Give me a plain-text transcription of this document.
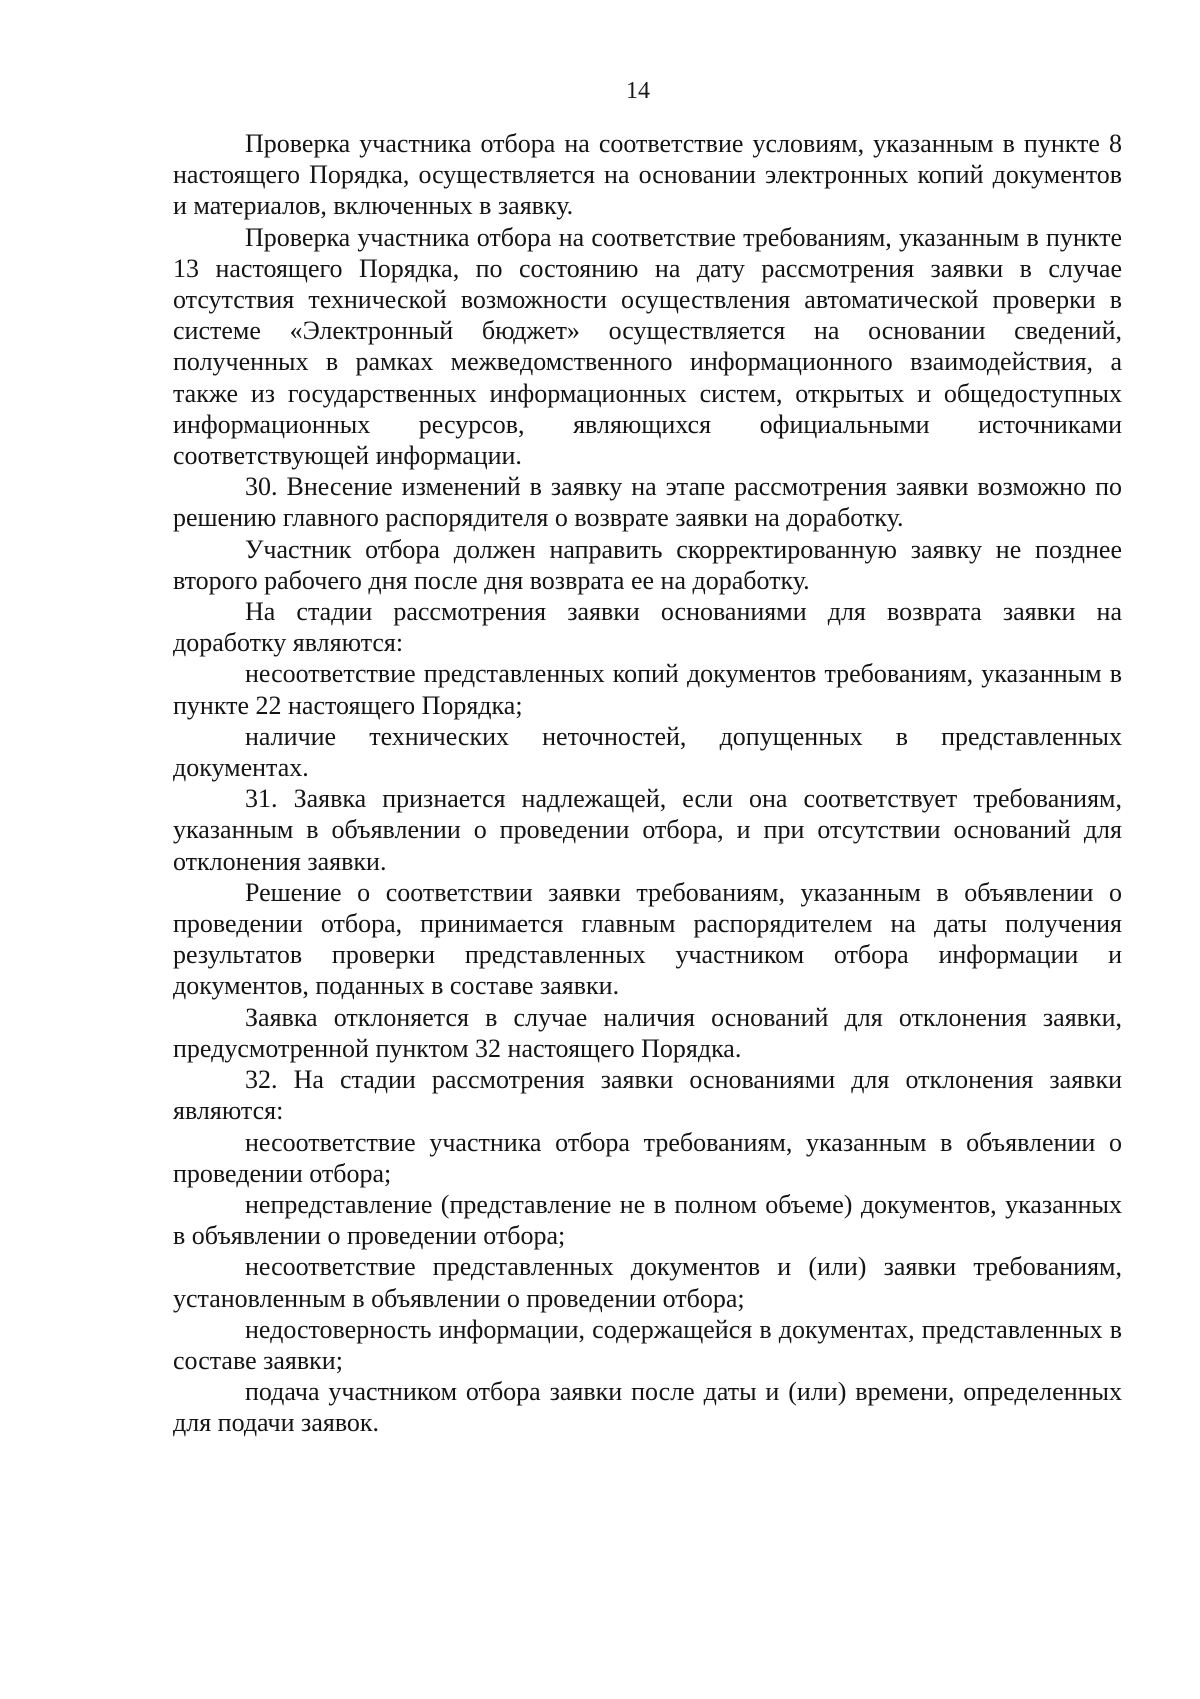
14

Проверка участника отбора на соответствие условиям, указанным в пункте 8 настоящего Порядка, осуществляется на основании электронных копий документов и материалов, включенных в заявку.

Проверка участника отбора на соответствие требованиям, указанным в пункте 13 настоящего Порядка, по состоянию на дату рассмотрения заявки в случае отсутствия технической возможности осуществления автоматической проверки в системе «Электронный бюджет» осуществляется на основании сведений, полученных в рамках межведомственного информационного взаимодействия, а также из государственных информационных систем, открытых и общедоступных информационных ресурсов, являющихся официальными источниками соответствующей информации.

30. Внесение изменений в заявку на этапе рассмотрения заявки возможно по решению главного распорядителя о возврате заявки на доработку.

Участник отбора должен направить скорректированную заявку не позднее второго рабочего дня после дня возврата ее на доработку.

На стадии рассмотрения заявки основаниями для возврата заявки на доработку являются:

несоответствие представленных копий документов требованиям, указанным в пункте 22 настоящего Порядка;

наличие технических неточностей, допущенных в представленных документах.

31. Заявка признается надлежащей, если она соответствует требованиям, указанным в объявлении о проведении отбора, и при отсутствии оснований для отклонения заявки.

Решение о соответствии заявки требованиям, указанным в объявлении о проведении отбора, принимается главным распорядителем на даты получения результатов проверки представленных участником отбора информации и документов, поданных в составе заявки.

Заявка отклоняется в случае наличия оснований для отклонения заявки, предусмотренной пунктом 32 настоящего Порядка.

32. На стадии рассмотрения заявки основаниями для отклонения заявки являются:

несоответствие участника отбора требованиям, указанным в объявлении о проведении отбора;

непредставление (представление не в полном объеме) документов, указанных в объявлении о проведении отбора;

несоответствие представленных документов и (или) заявки требованиям, установленным в объявлении о проведении отбора;

недостоверность информации, содержащейся в документах, представленных в составе заявки;

подача участником отбора заявки после даты и (или) времени, определенных для подачи заявок.
